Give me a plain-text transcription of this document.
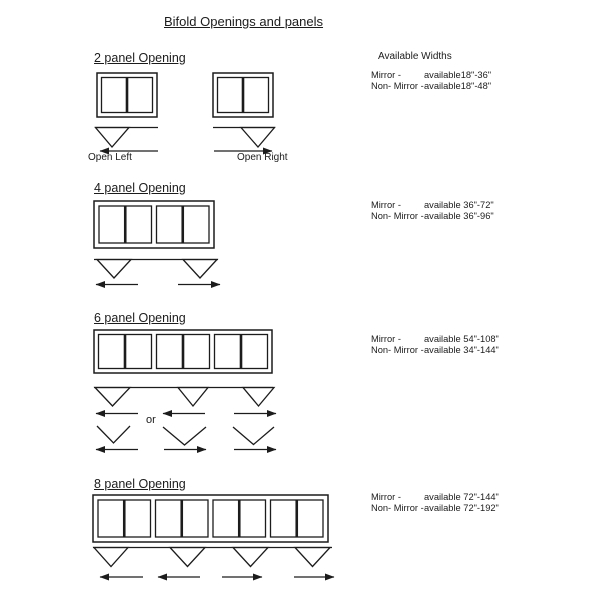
Bifold Openings and panels
2 panel Opening
Open Left	Open Right
4 panel Opening
6 panel Opening
or
8 panel Opening
Available Widths
Mirror - available18"-36"
Non- Mirror -available18"-48"
Mirror - available 36"-72"
Non- Mirror -available 36"-96"
Mirror - available 54"-108"
Non- Mirror -available 34"-144"
Mirror - available 72"-144"
Non- Mirror -available 72"-192"
